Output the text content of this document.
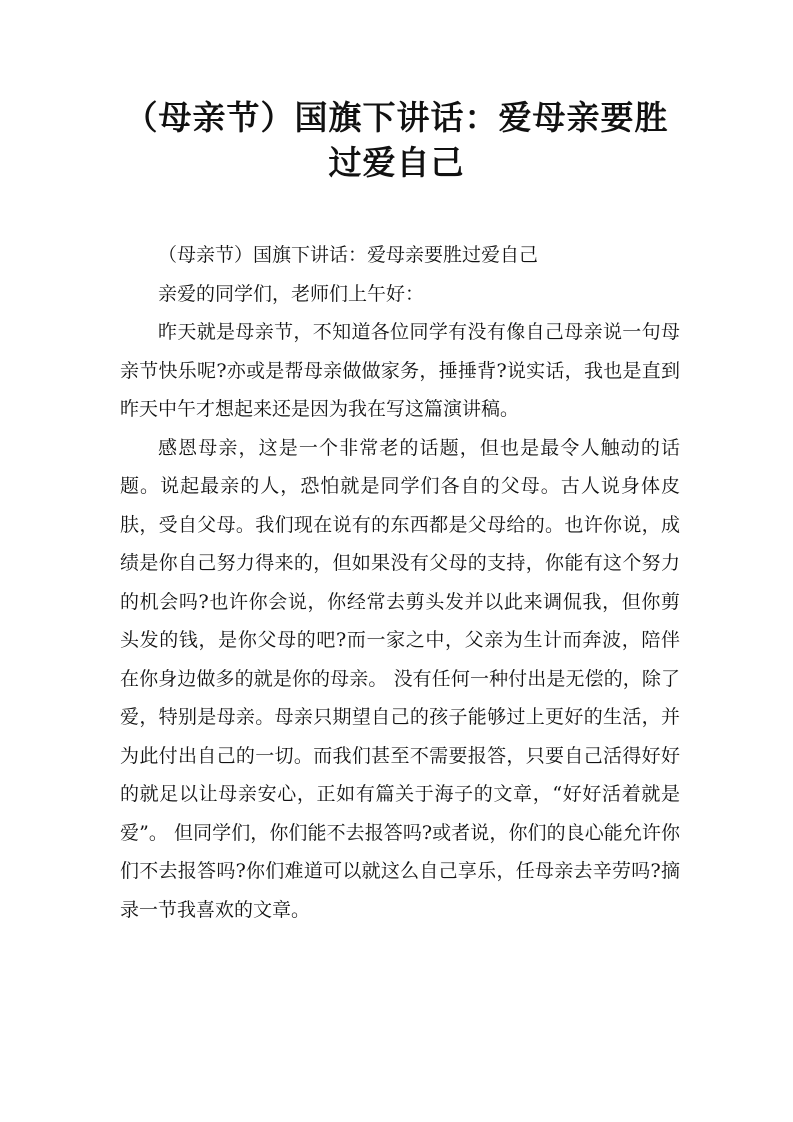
（母亲节）国旗下讲话：爱母亲要胜过爱自己

（母亲节）国旗下讲话：爱母亲要胜过爱自己

亲爱的同学们，老师们上午好：

昨天就是母亲节，不知道各位同学有没有像自己母亲说一句母亲节快乐呢?亦或是帮母亲做做家务，捶捶背?说实话，我也是直到昨天中午才想起来还是因为我在写这篇演讲稿。

感恩母亲，这是一个非常老的话题，但也是最令人触动的话题。说起最亲的人，恐怕就是同学们各自的父母。古人说身体皮肤，受自父母。我们现在说有的东西都是父母给的。也许你说，成绩是你自己努力得来的，但如果没有父母的支持，你能有这个努力的机会吗?也许你会说，你经常去剪头发并以此来调侃我，但你剪头发的钱，是你父母的吧?而一家之中，父亲为生计而奔波，陪伴在你身边做多的就是你的母亲。 没有任何一种付出是无偿的，除了爱，特别是母亲。母亲只期望自己的孩子能够过上更好的生活，并为此付出自己的一切。而我们甚至不需要报答，只要自己活得好好的就足以让母亲安心，正如有篇关于海子的文章，“好好活着就是爱”。 但同学们，你们能不去报答吗?或者说，你们的良心能允许你们不去报答吗?你们难道可以就这么自己享乐，任母亲去辛劳吗?摘录一节我喜欢的文章。
